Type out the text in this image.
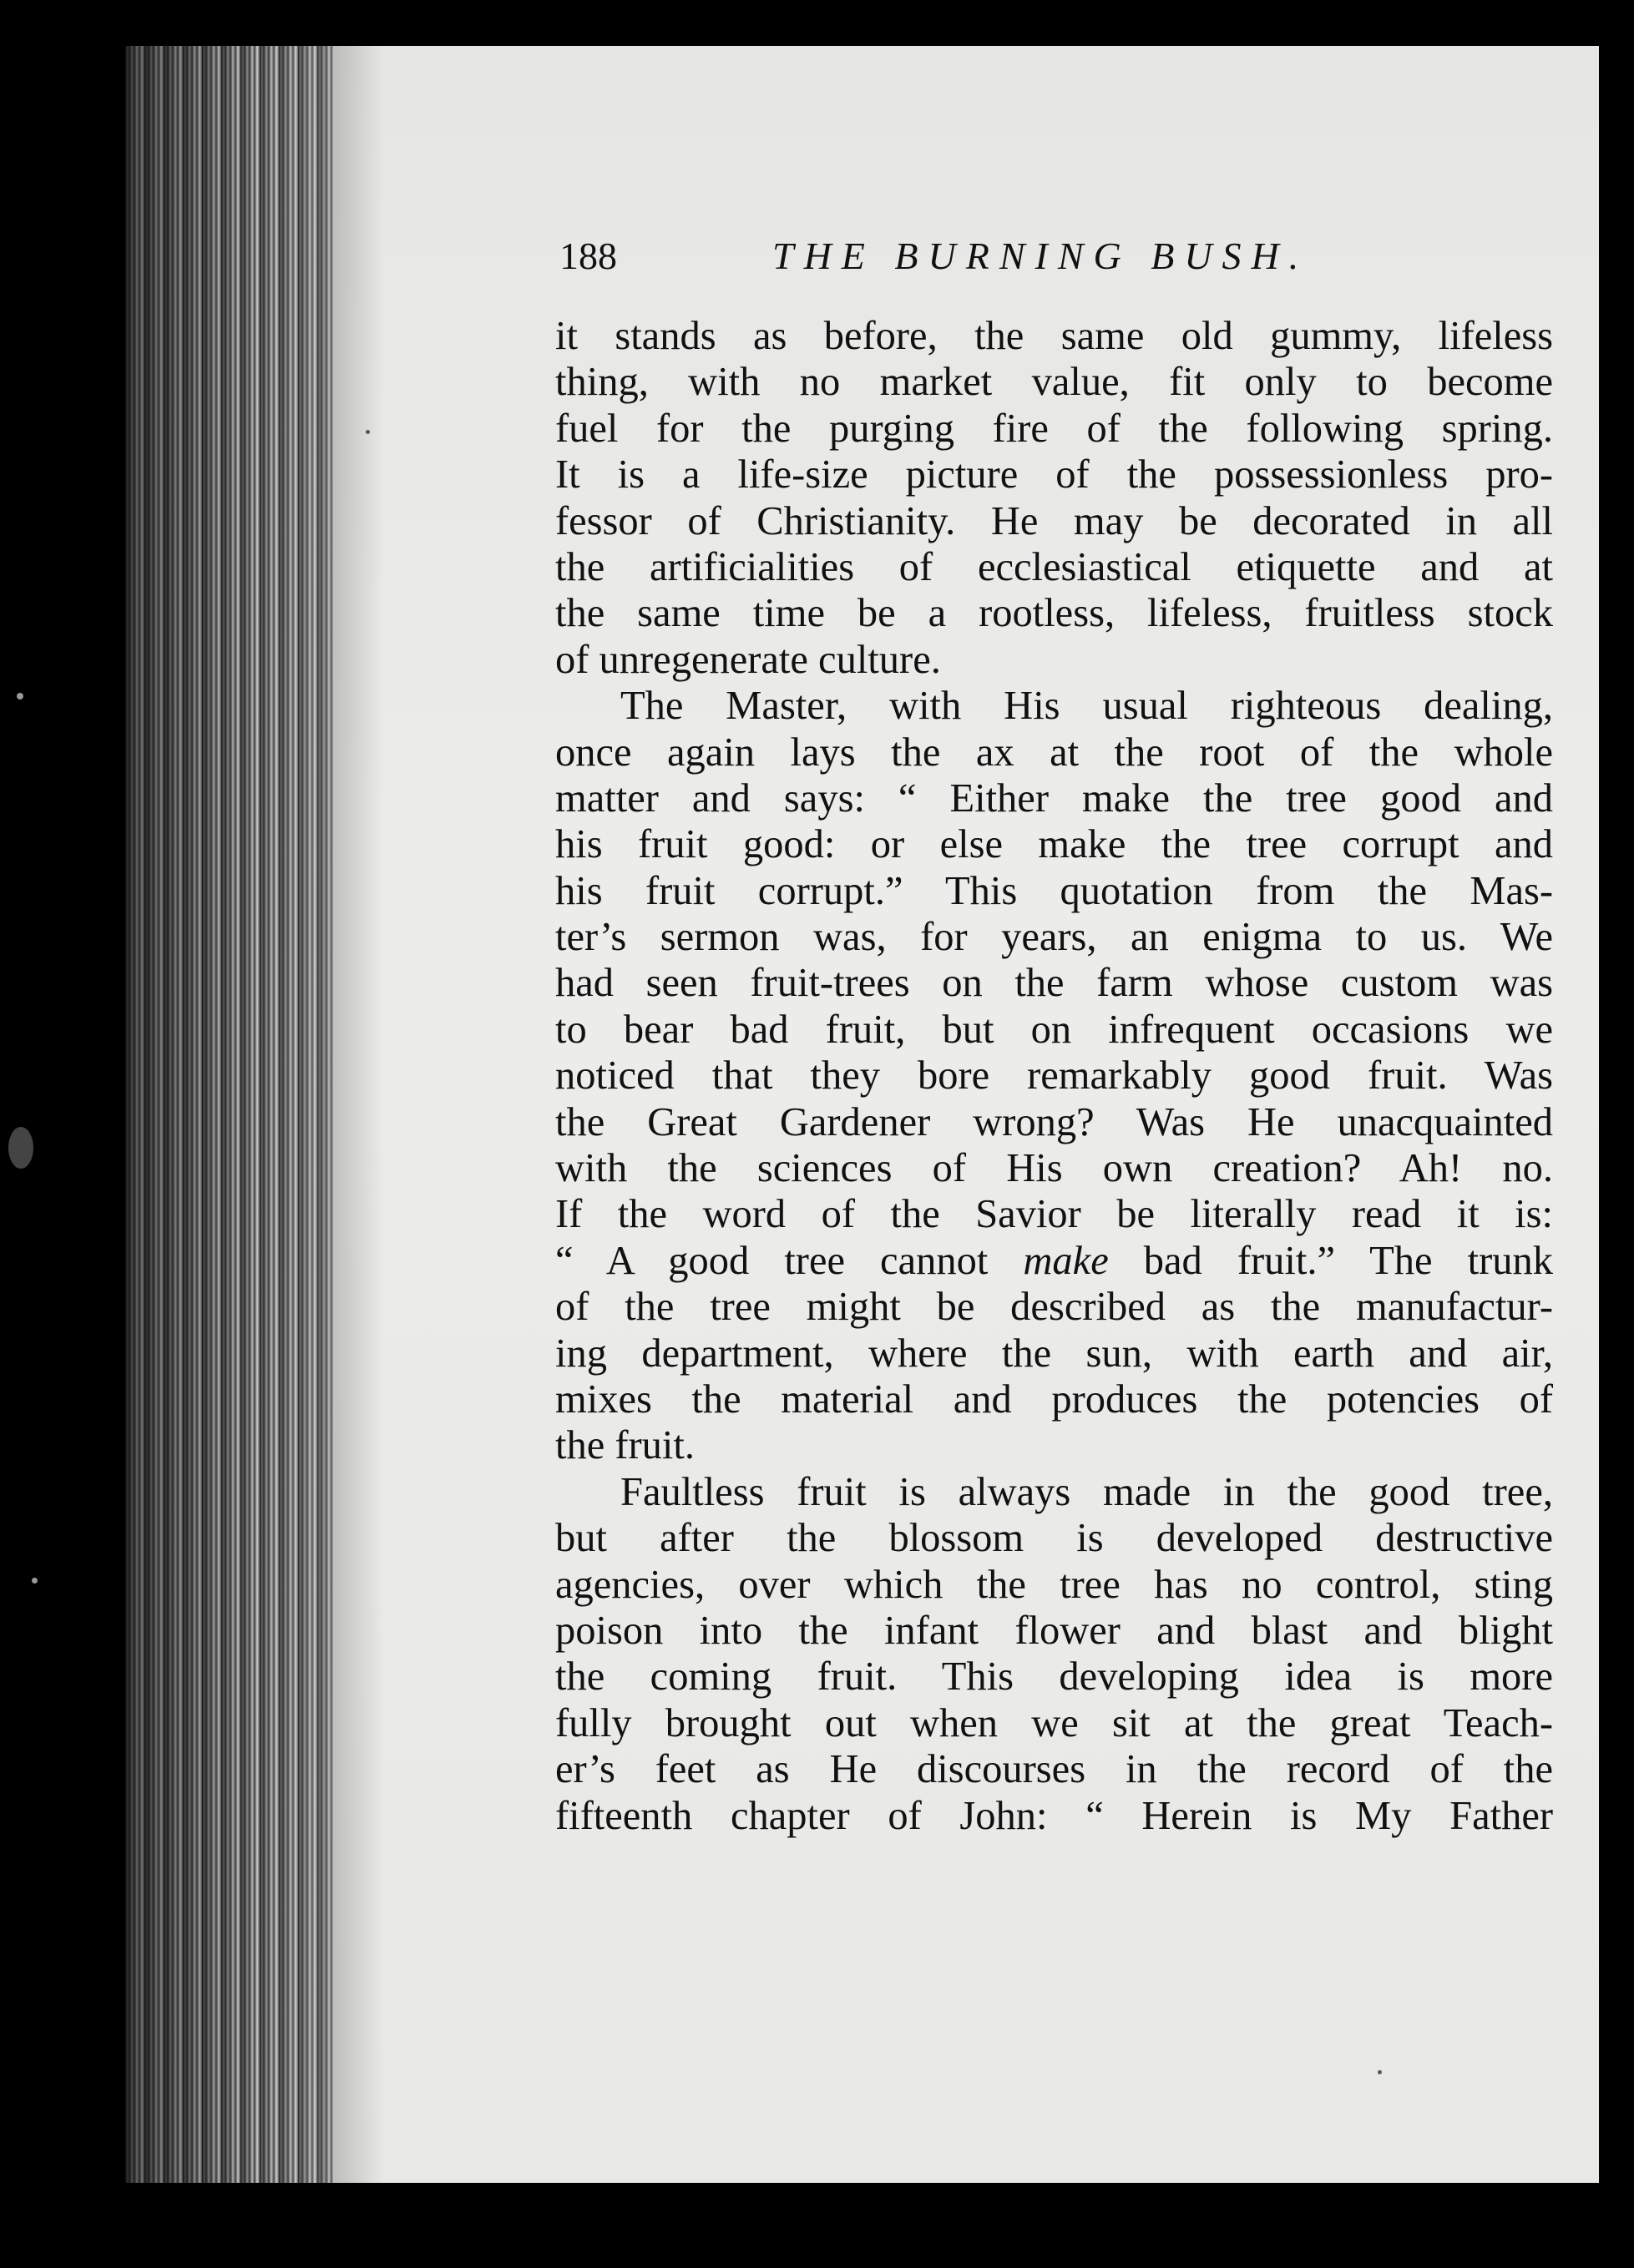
188	THE BURNING BUSH.
it stands as before, the same old gummy, lifeless
thing, with no market value, fit only to become
fuel for the purging fire of the following spring.
It is a life-size picture of the possessionless pro-
fessor of Christianity. He may be decorated in all
the artificialities of ecclesiastical etiquette and at
the same time be a rootless, lifeless, fruitless stock
of unregenerate culture.
The Master, with His usual righteous dealing,
once again lays the ax at the root of the whole
matter and says: “ Either make the tree good and
his fruit good: or else make the tree corrupt and
his fruit corrupt.” This quotation from the Mas-
ter’s sermon was, for years, an enigma to us. We
had seen fruit-trees on the farm whose custom was
to bear bad fruit, but on infrequent occasions we
noticed that they bore remarkably good fruit. Was
the Great Gardener wrong? Was He unacquainted
with the sciences of His own creation? Ah! no.
If the word of the Savior be literally read it is:
“ A good tree cannot make bad fruit.” The trunk
of the tree might be described as the manufactur-
ing department, where the sun, with earth and air,
mixes the material and produces the potencies of
the fruit.
Faultless fruit is always made in the good tree,
but after the blossom is developed destructive
agencies, over which the tree has no control, sting
poison into the infant flower and blast and blight
the coming fruit. This developing idea is more
fully brought out when we sit at the great Teach-
er’s feet as He discourses in the record of the
fifteenth chapter of John: “ Herein is My Father
